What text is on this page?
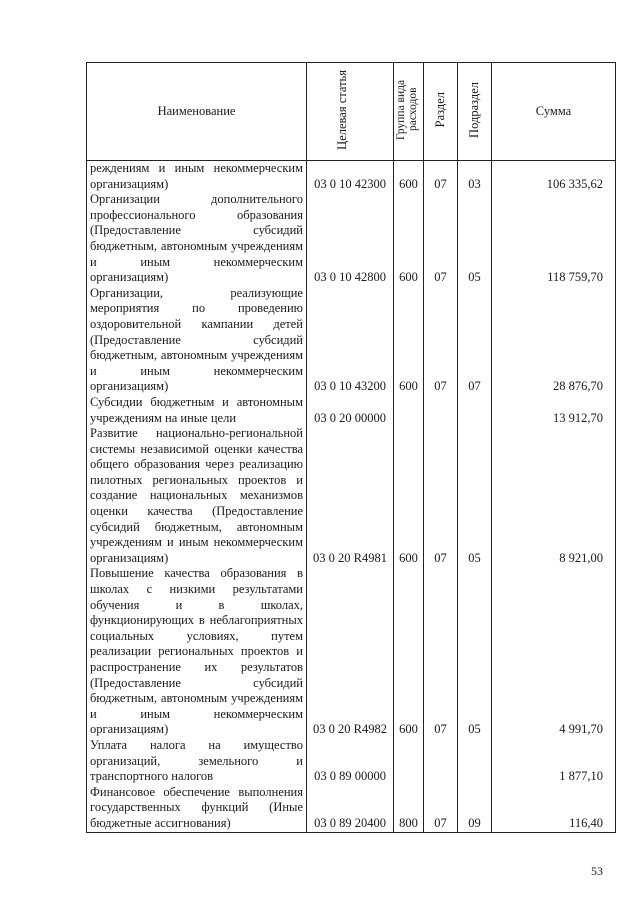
Наименование	Целевая статья	Группа вида расходов	Раздел	Подраздел	Сумма
реждениям и иным некоммерческим организациям)	03 0 10 42300	600	07	03	106 335,62
Организации дополнительного профессионального образования (Предоставление субсидий бюджетным, автономным учреждениям и иным некоммерческим организациям)	03 0 10 42800	600	07	05	118 759,70
Организации, реализующие мероприятия по проведению оздоровительной кампании детей (Предоставление субсидий бюджетным, автономным учреждениям и иным некоммерческим организациям)	03 0 10 43200	600	07	07	28 876,70
Субсидии бюджетным и автономным учреждениям на иные цели	03 0 20 00000				13 912,70
Развитие национально-региональной системы независимой оценки качества общего образования через реализацию пилотных региональных проектов и создание национальных механизмов оценки качества (Предоставление субсидий бюджетным, автономным учреждениям и иным некоммерческим организациям)	03 0 20 R4981	600	07	05	8 921,00
Повышение качества образования в школах с низкими результатами обучения и в школах, функционирующих в неблагоприятных социальных условиях, путем реализации региональных проектов и распространение их результатов (Предоставление субсидий бюджетным, автономным учреждениям и иным некоммерческим организациям)	03 0 20 R4982	600	07	05	4 991,70
Уплата налога на имущество организаций, земельного и транспортного налогов	03 0 89 00000				1 877,10
Финансовое обеспечение выполнения государственных функций (Иные бюджетные ассигнования)	03 0 89 20400	800	07	09	116,40
53
